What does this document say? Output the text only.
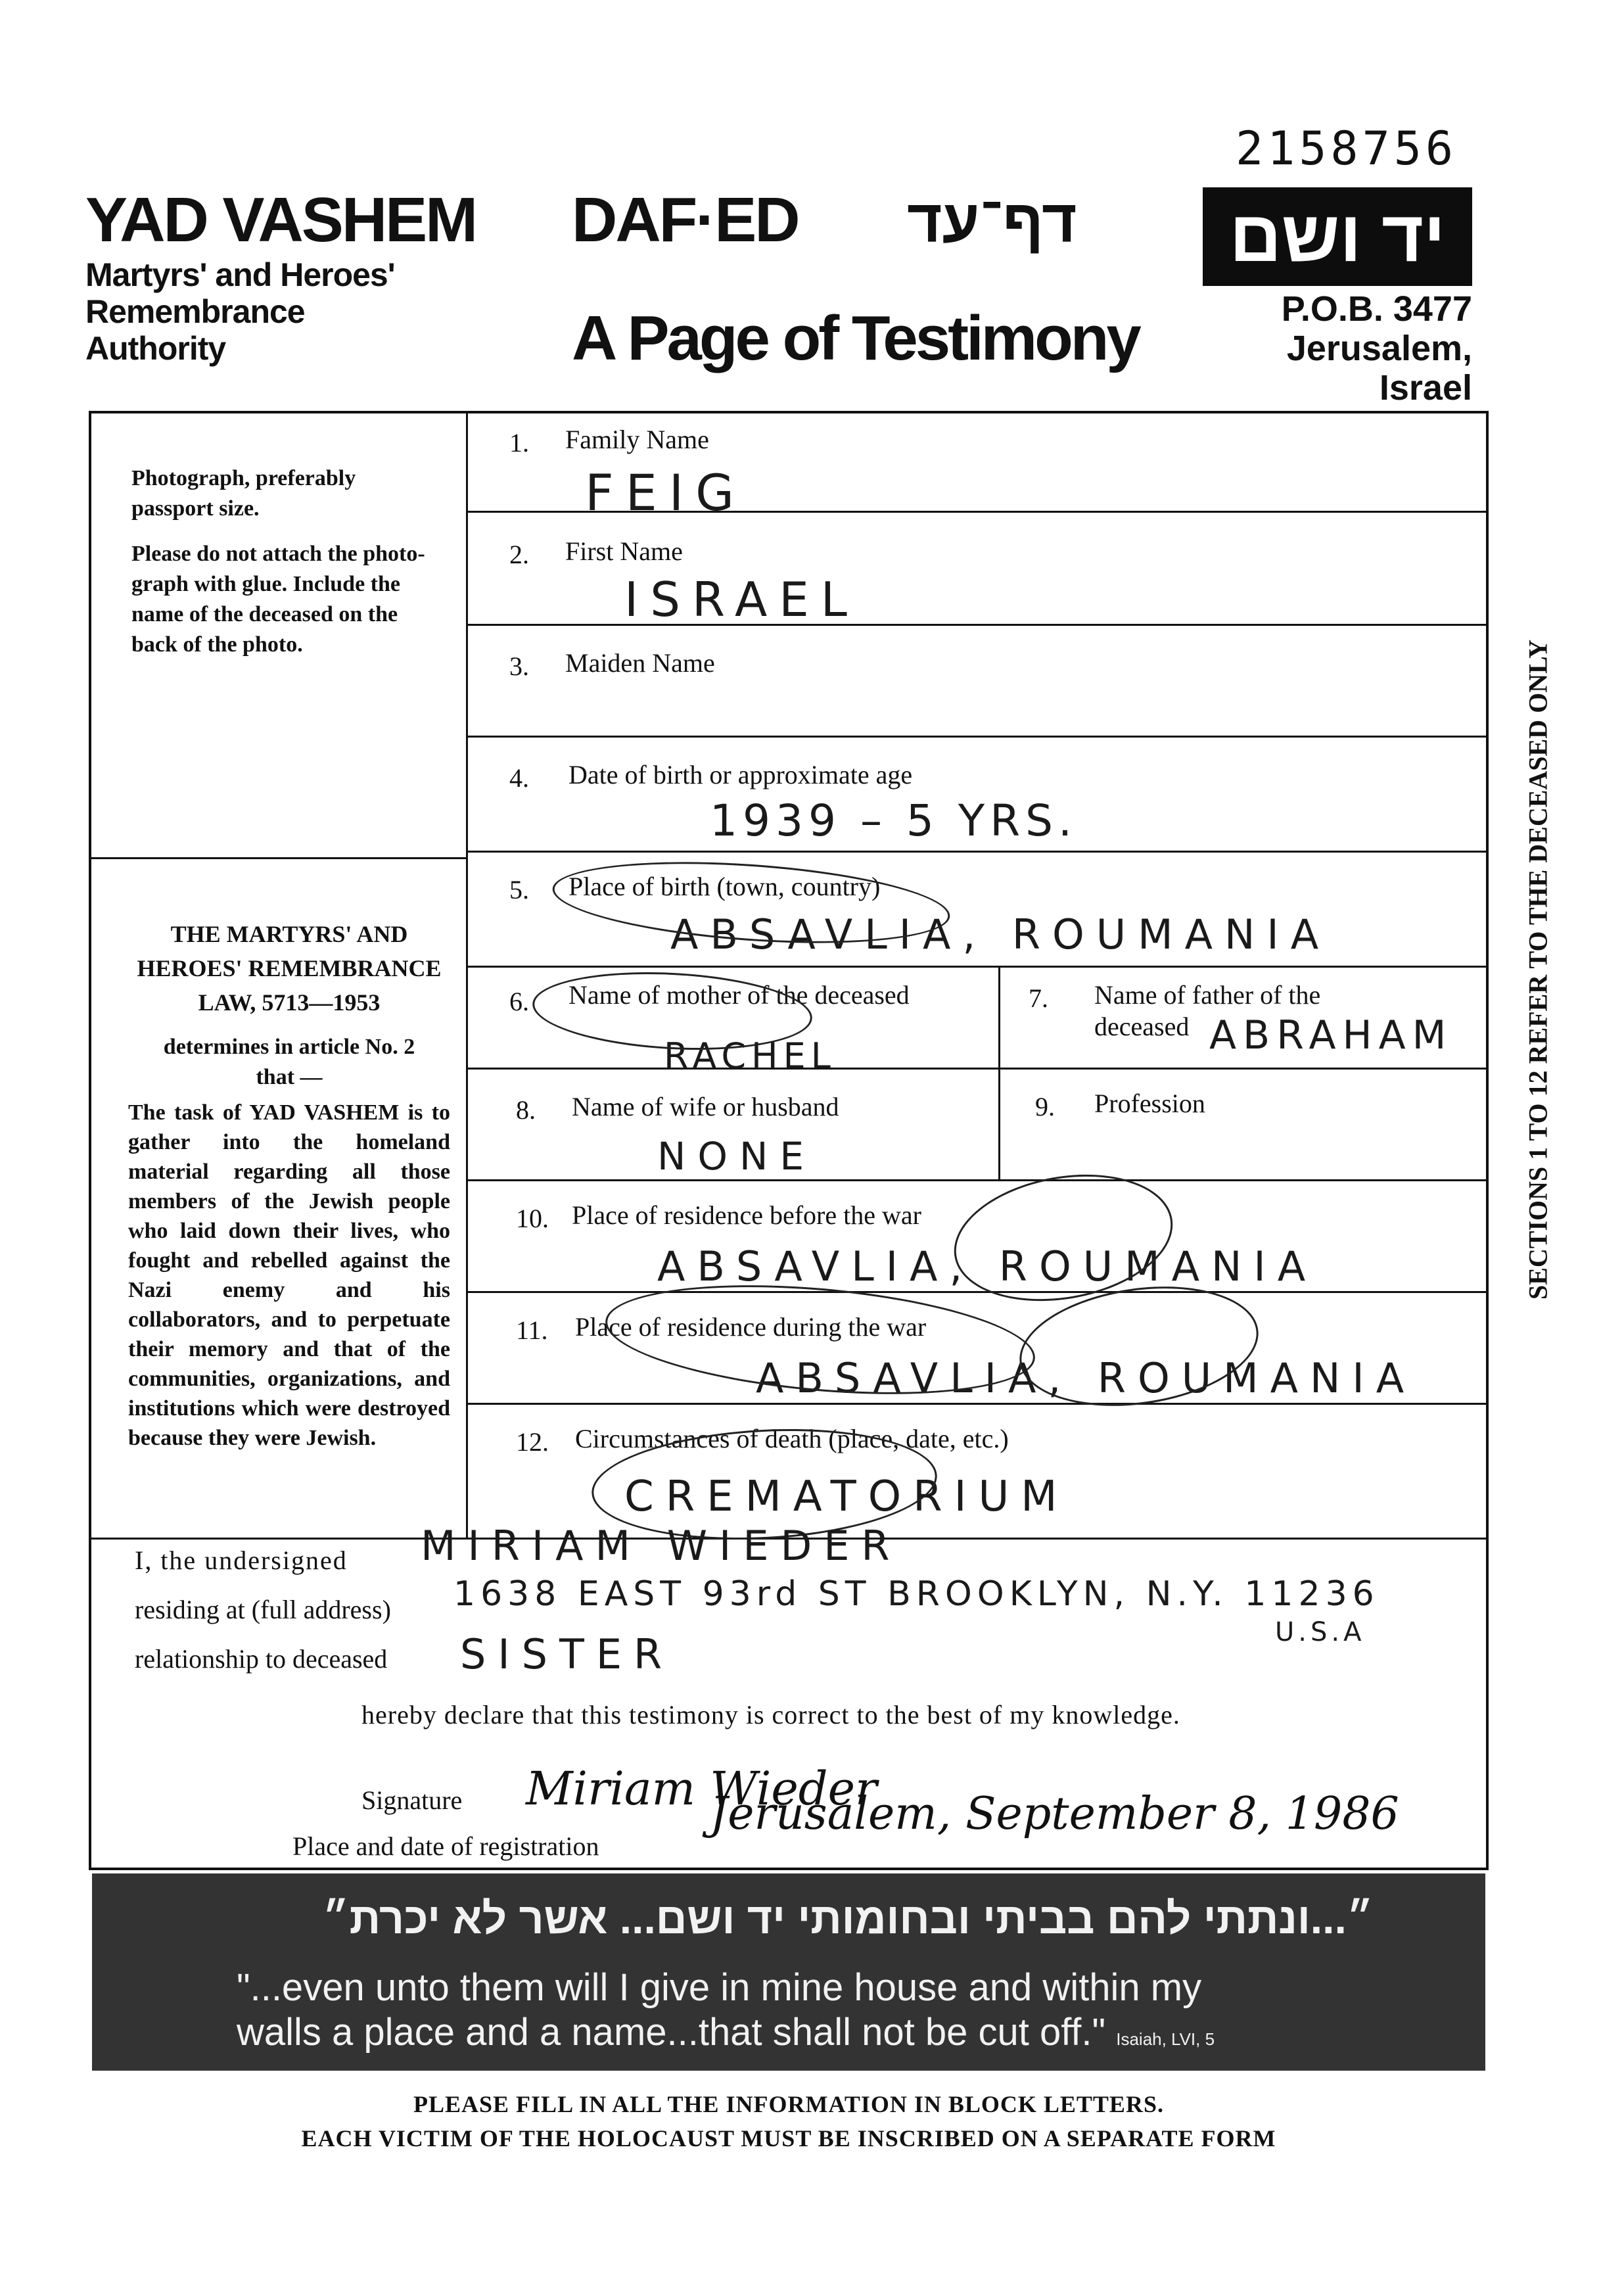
2158756
YAD VASHEM
Martyrs' and Heroes'
Remembrance
Authority
DAF·ED דף־עד
A Page of Testimony
יד ושם
P.O.B. 3477
Jerusalem, Israel
Photograph, preferably
passport size.
Please do not attach the photo-
graph with glue. Include the
name of the deceased on the
back of the photo.
THE MARTYRS' AND
HEROES' REMEMBRANCE
LAW, 5713—1953
determines in article No. 2
that —
The task of YAD VASHEM is to gather into the homeland material regarding all those members of the Jewish people who laid down their lives, who fought and rebelled against the Nazi enemy and his collaborators, and to perpetuate their memory and that of the communities, organizations, and institutions which were destroyed because they were Jewish.
1. Family Name
FEIG
2. First Name
ISRAEL
3. Maiden Name
4. Date of birth or approximate age
1939 – 5 YRS.
5. Place of birth (town, country)
ABSAVLIA, ROUMANIA
6. Name of mother of the deceased
RACHEL
7. Name of father of the deceased ABRAHAM
8. Name of wife or husband
NONE
9. Profession
10. Place of residence before the war
ABSAVLIA, ROUMANIA
11. Place of residence during the war
ABSAVLIA, ROUMANIA
12. Circumstances of death (place, date, etc.)
CREMATORIUM
I, the undersigned MIRIAM WIEDER
residing at (full address) 1638 EAST 93rd ST BROOKLYN, N.Y. 11236
U.S.A
relationship to deceased SISTER
hereby declare that this testimony is correct to the best of my knowledge.
Signature Miriam Wieder
Place and date of registration
Jerusalem, September 8, 1986
SECTIONS 1 TO 12 REFER TO THE DECEASED ONLY
״...ונתתי להם בביתי ובחומותי יד ושם... אשר לא יכרת״
"...even unto them will I give in mine house and within my
walls a place and a name...that shall not be cut off." Isaiah, LVI, 5
PLEASE FILL IN ALL THE INFORMATION IN BLOCK LETTERS.
EACH VICTIM OF THE HOLOCAUST MUST BE INSCRIBED ON A SEPARATE FORM
